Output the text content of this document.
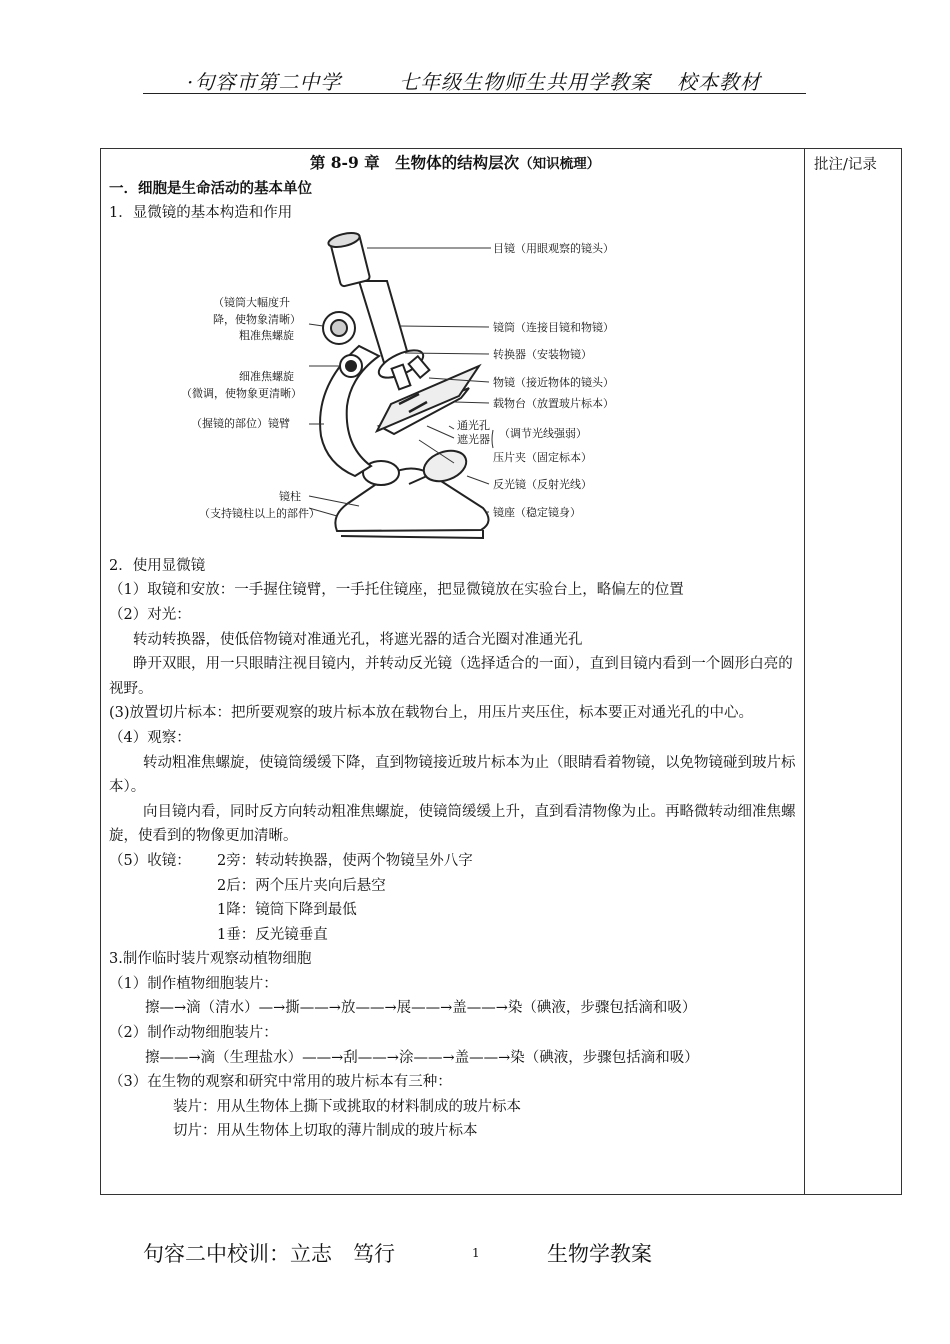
·句容市第二中学	七年级生物师生共用学教案 校本教材
批注/记录
第 8-9 章　生物体的结构层次（知识梳理）
一．细胞是生命活动的基本单位
1．显微镜的基本构造和作用
目镜（用眼观察的镜头）
镜筒（连接目镜和物镜）
转换器（安装物镜）
物镜（接近物体的镜头）
载物台（放置玻片标本）
通光孔
遮光器 （调节光线强弱）
压片夹（固定标本）
反光镜（反射光线）
镜座（稳定镜身）
（镜筒大幅度升
降，使物象清晰）
粗准焦螺旋
细准焦螺旋
（微调，使物象更清晰）
（握镜的部位）镜臂
镜柱
（支持镜柱以上的部件）
2．使用显微镜
（1）取镜和安放：一手握住镜臂，一手托住镜座，把显微镜放在实验台上，略偏左的位置
（2）对光：
转动转换器，使低倍物镜对准通光孔，将遮光器的适合光圈对准通光孔
睁开双眼，用一只眼睛注视目镜内，并转动反光镜（选择适合的一面），直到目镜内看到一个圆形白亮的视野。
(3)放置切片标本：把所要观察的玻片标本放在载物台上，用压片夹压住，标本要正对通光孔的中心。
（4）观察：
转动粗准焦螺旋，使镜筒缓缓下降，直到物镜接近玻片标本为止（眼睛看着物镜，以免物镜碰到玻片标本）。
向目镜内看，同时反方向转动粗准焦螺旋，使镜筒缓缓上升，直到看清物像为止。再略微转动细准焦螺旋，使看到的物像更加清晰。
（5）收镜： 2旁：转动转换器，使两个物镜呈外八字
2后：两个压片夹向后悬空
1降：镜筒下降到最低
1垂：反光镜垂直
3.制作临时装片观察动植物细胞
（1）制作植物细胞装片：
擦—→滴（清水）—→撕——→放——→展——→盖——→染（碘液，步骤包括滴和吸）
（2）制作动物细胞装片：
擦——→滴（生理盐水）——→刮——→涂——→盖——→染（碘液，步骤包括滴和吸）
（3）在生物的观察和研究中常用的玻片标本有三种：
装片：用从生物体上撕下或挑取的材料制成的玻片标本
切片：用从生物体上切取的薄片制成的玻片标本
句容二中校训：立志　笃行	1	生物学教案
